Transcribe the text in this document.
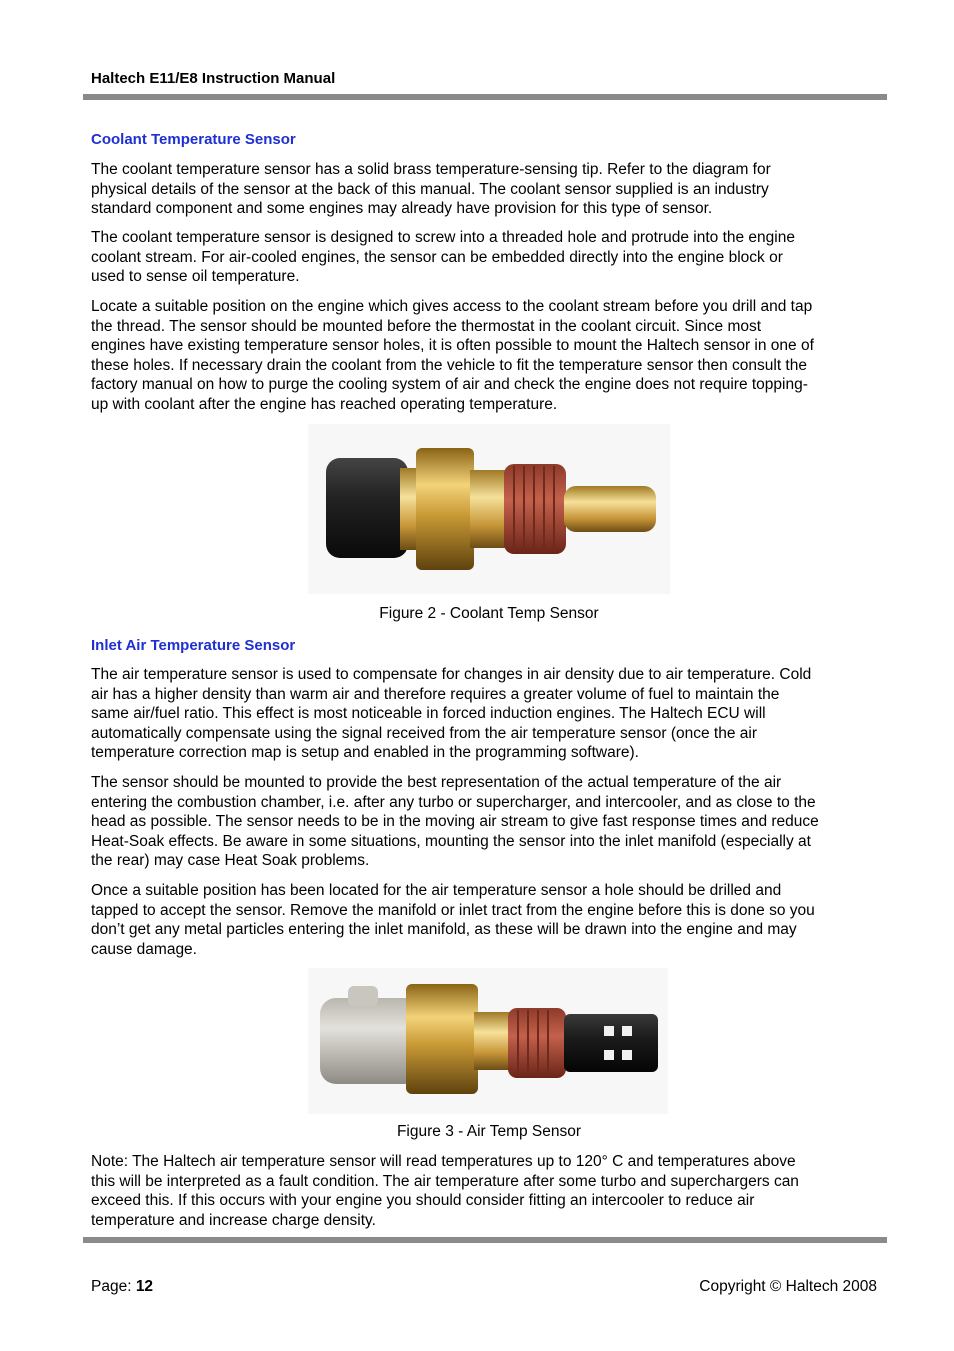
Haltech E11/E8 Instruction Manual
Coolant Temperature Sensor

The coolant temperature sensor has a solid brass temperature-sensing tip. Refer to the diagram for
physical details of the sensor at the back of this manual. The coolant sensor supplied is an industry
standard component and some engines may already have provision for this type of sensor.

The coolant temperature sensor is designed to screw into a threaded hole and protrude into the engine
coolant stream. For air-cooled engines, the sensor can be embedded directly into the engine block or
used to sense oil temperature.

Locate a suitable position on the engine which gives access to the coolant stream before you drill and tap
the thread. The sensor should be mounted before the thermostat in the coolant circuit. Since most
engines have existing temperature sensor holes, it is often possible to mount the Haltech sensor in one of
these holes. If necessary drain the coolant from the vehicle to fit the temperature sensor then consult the
factory manual on how to purge the cooling system of air and check the engine does not require topping-
up with coolant after the engine has reached operating temperature.

Figure 2 - Coolant Temp Sensor
Inlet Air Temperature Sensor

The air temperature sensor is used to compensate for changes in air density due to air temperature. Cold
air has a higher density than warm air and therefore requires a greater volume of fuel to maintain the
same air/fuel ratio. This effect is most noticeable in forced induction engines. The Haltech ECU will
automatically compensate using the signal received from the air temperature sensor (once the air
temperature correction map is setup and enabled in the programming software).

The sensor should be mounted to provide the best representation of the actual temperature of the air
entering the combustion chamber, i.e. after any turbo or supercharger, and intercooler, and as close to the
head as possible. The sensor needs to be in the moving air stream to give fast response times and reduce
Heat-Soak effects. Be aware in some situations, mounting the sensor into the inlet manifold (especially at
the rear) may case Heat Soak problems.

Once a suitable position has been located for the air temperature sensor a hole should be drilled and
tapped to accept the sensor. Remove the manifold or inlet tract from the engine before this is done so you
don’t get any metal particles entering the inlet manifold, as these will be drawn into the engine and may
cause damage.

Figure 3 - Air Temp Sensor

Note: The Haltech air temperature sensor will read temperatures up to 120° C and temperatures above
this will be interpreted as a fault condition. The air temperature after some turbo and superchargers can
exceed this. If this occurs with your engine you should consider fitting an intercooler to reduce air
temperature and increase charge density.

Page: 12	Copyright © Haltech 2008
